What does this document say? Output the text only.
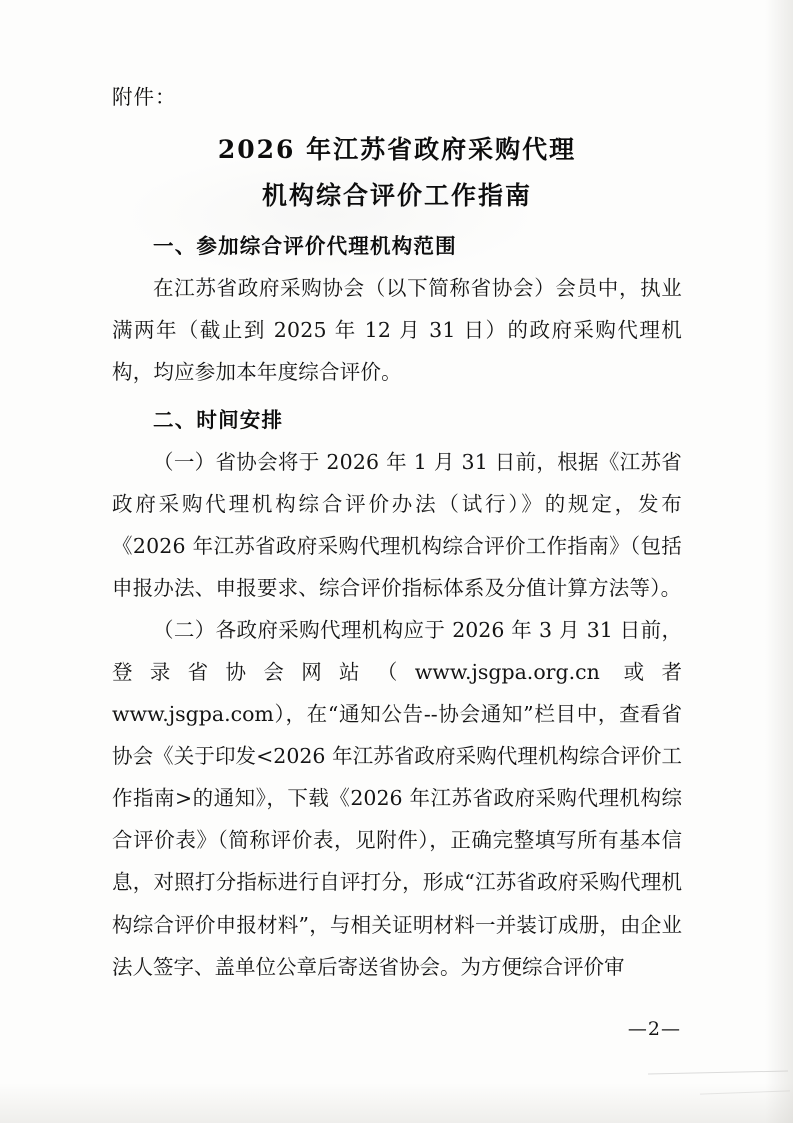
附件：
2026 年江苏省政府采购代理
机构综合评价工作指南
一、参加综合评价代理机构范围

在江苏省政府采购协会（以下简称省协会）会员中，执业满两年（截止到 2025 年 12 月 31 日）的政府采购代理机构，均应参加本年度综合评价。

二、时间安排

（一）省协会将于 2026 年 1 月 31 日前，根据《江苏省政府采购代理机构综合评价办法（试行）》的规定，发布《2026 年江苏省政府采购代理机构综合评价工作指南》（包括申报办法、申报要求、综合评价指标体系及分值计算方法等）。

（二）各政府采购代理机构应于 2026 年 3 月 31 日前，登录省协会网站（www.jsgpa.org.cn 或者 www.jsgpa.com），在“通知公告--协会通知”栏目中，查看省协会《关于印发<2026 年江苏省政府采购代理机构综合评价工作指南>的通知》，下载《2026 年江苏省政府采购代理机构综合评价表》（简称评价表，见附件），正确完整填写所有基本信息，对照打分指标进行自评打分，形成“江苏省政府采购代理机构综合评价申报材料”，与相关证明材料一并装订成册，由企业法人签字、盖单位公章后寄送省协会。为方便综合评价审

—2—
